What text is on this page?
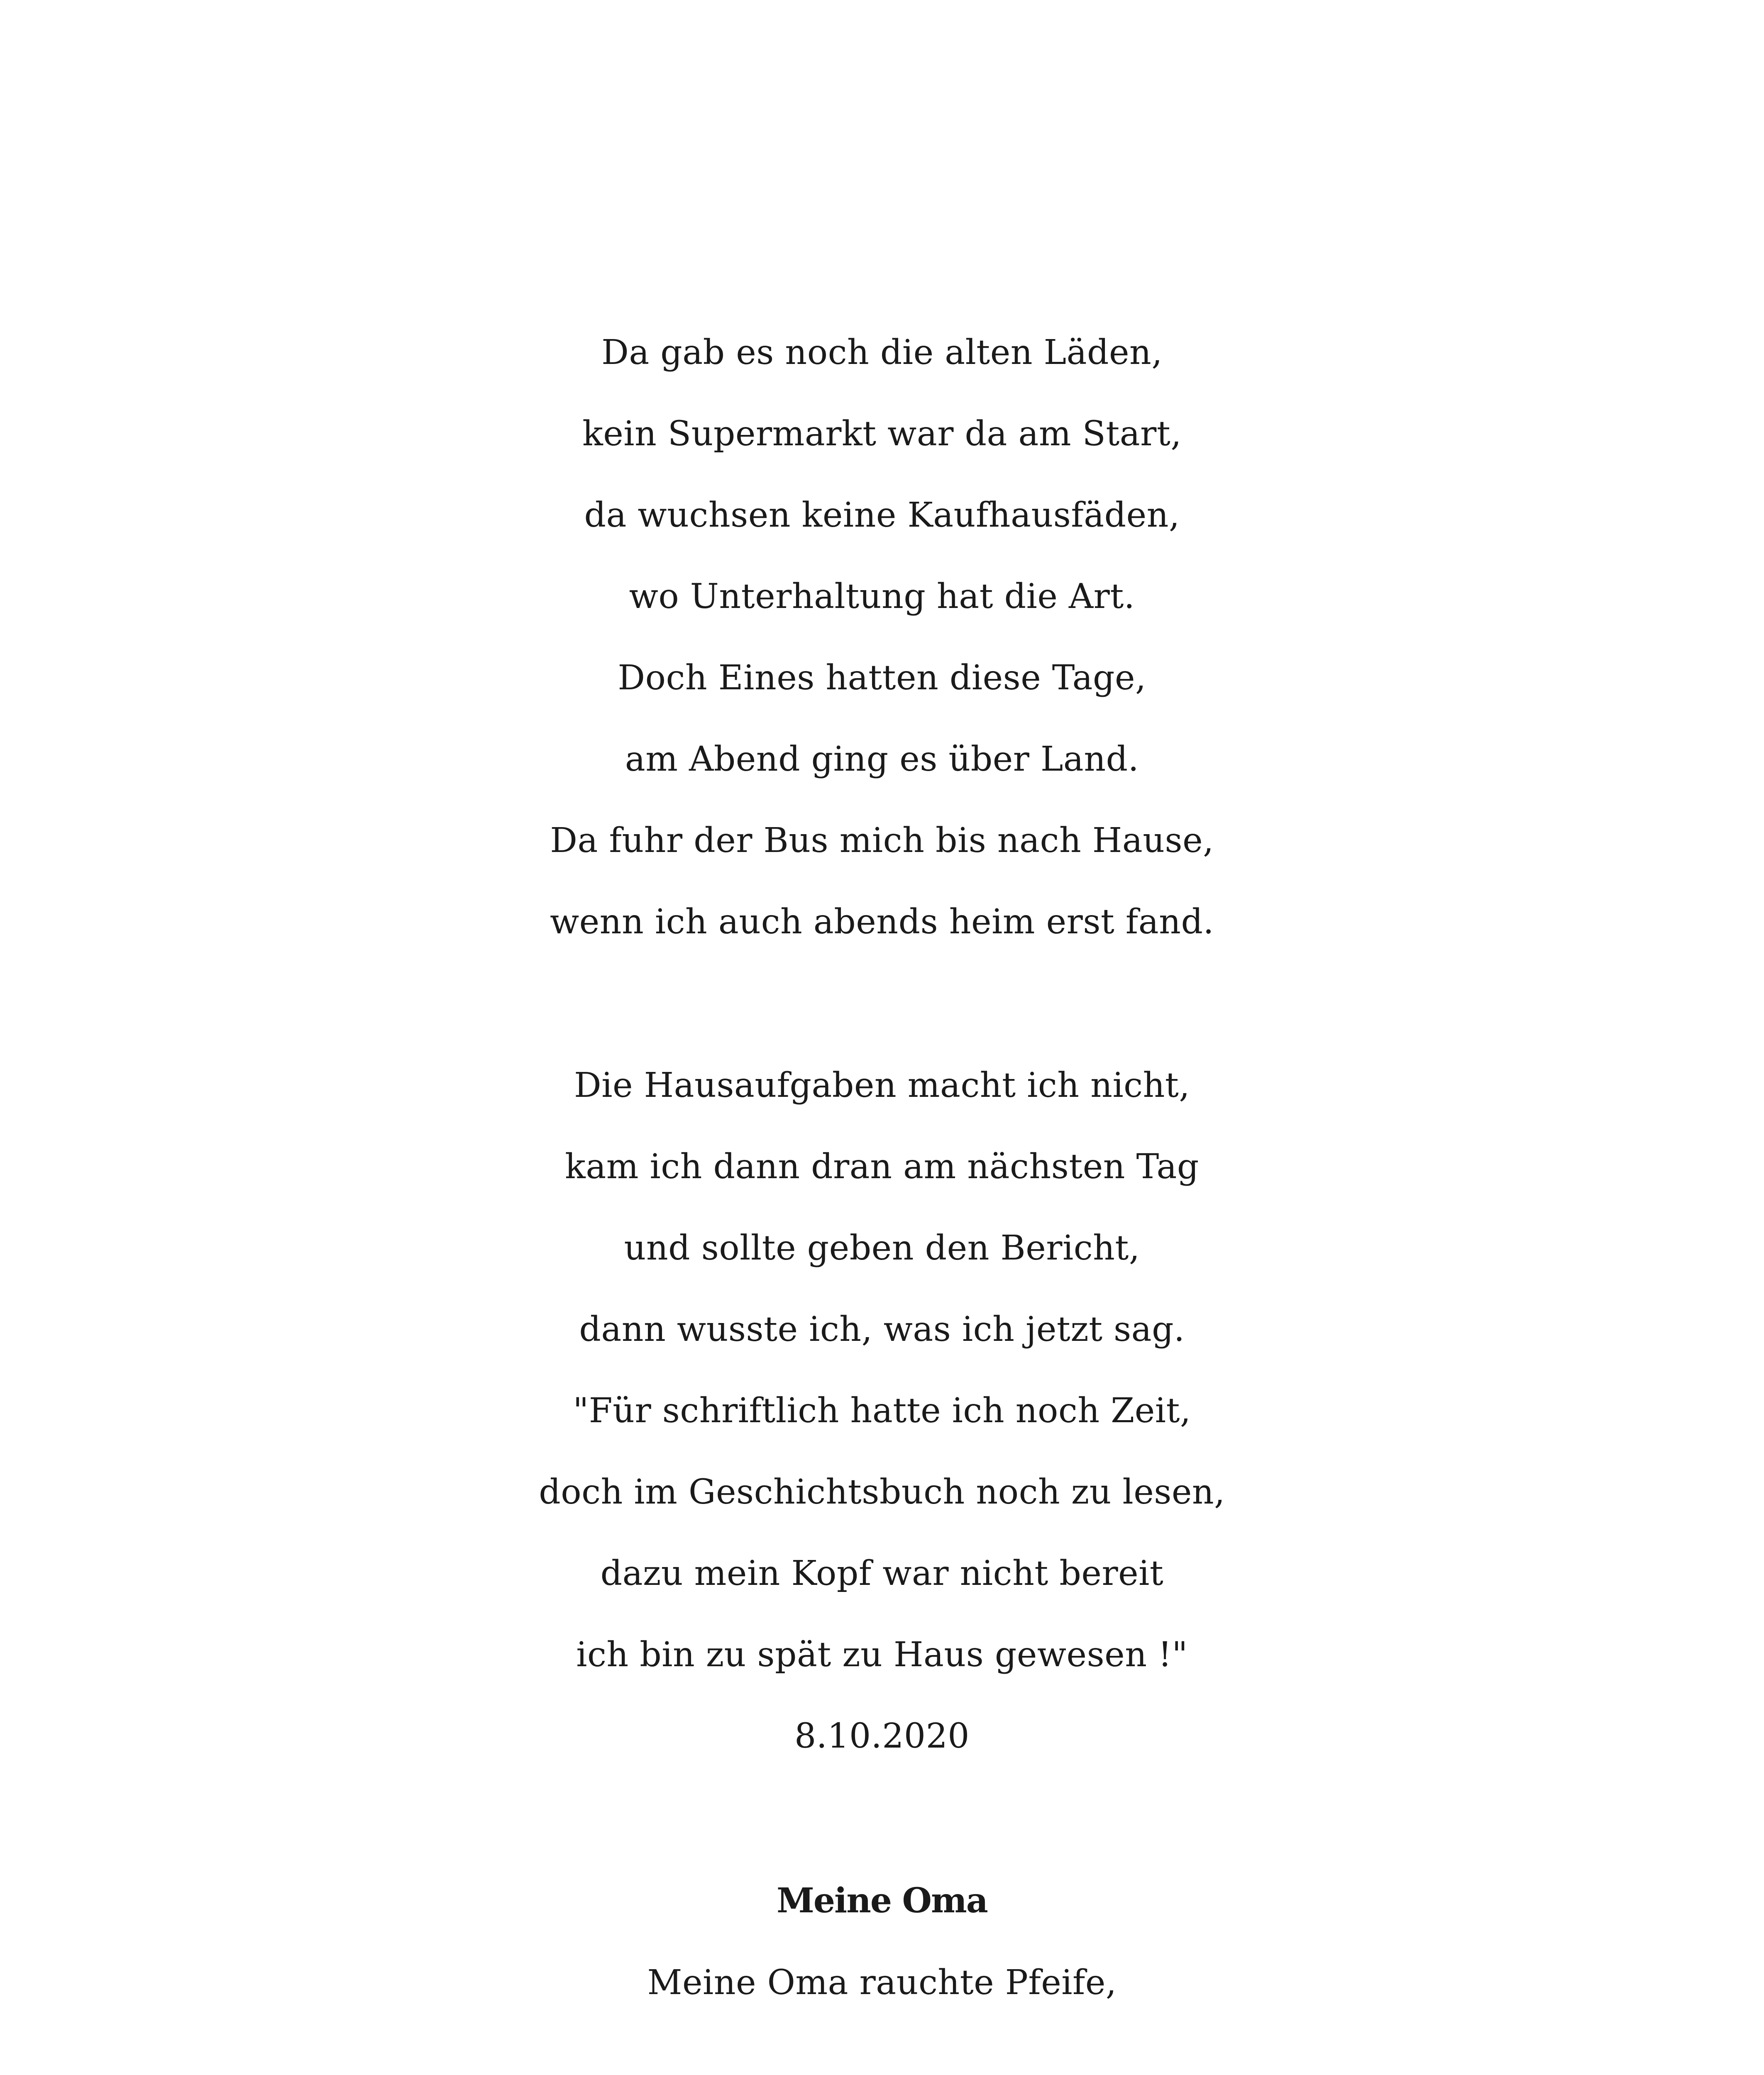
Da gab es noch die alten Läden,
kein Supermarkt war da am Start,
da wuchsen keine Kaufhausfäden,
wo Unterhaltung hat die Art.
Doch Eines hatten diese Tage,
am Abend ging es über Land.
Da fuhr der Bus mich bis nach Hause,
wenn ich auch abends heim erst fand.
Die Hausaufgaben macht ich nicht,
kam ich dann dran am nächsten Tag
und sollte geben den Bericht,
dann wusste ich, was ich jetzt sag.
"Für schriftlich hatte ich noch Zeit,
doch im Geschichtsbuch noch zu lesen,
dazu mein Kopf war nicht bereit
ich bin zu spät zu Haus gewesen !"
8.10.2020
Meine Oma
Meine Oma rauchte Pfeife,
